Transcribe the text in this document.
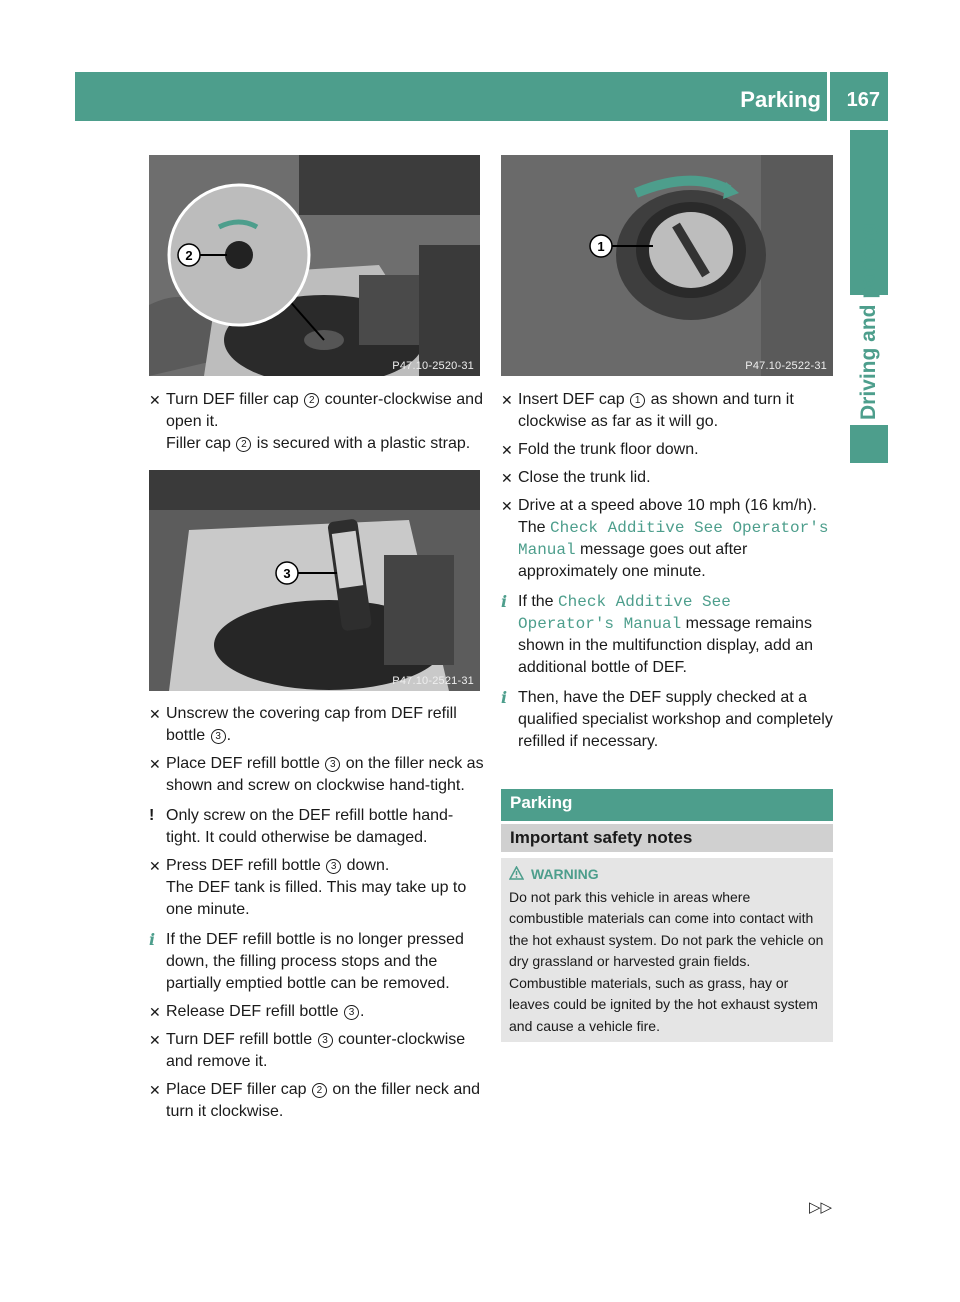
Parking 167
Driving and parking
2
P47.10-2520-31
3
P47.10-2521-31
1
P47.10-2522-31
✕ Turn DEF filler cap 2 counter-clockwise and open it.
Filler cap 2 is secured with a plastic strap.
✕ Unscrew the covering cap from DEF refill bottle 3 .
✕ Place DEF refill bottle 3 on the filler neck as shown and screw on clockwise hand-tight.
! Only screw on the DEF refill bottle hand-tight. It could otherwise be damaged.
✕ Press DEF refill bottle 3 down.
The DEF tank is filled. This may take up to one minute.
i If the DEF refill bottle is no longer pressed down, the filling process stops and the partially emptied bottle can be removed.
✕ Release DEF refill bottle 3 .
✕ Turn DEF refill bottle 3 counter-clockwise and remove it.
✕ Place DEF filler cap 2 on the filler neck and turn it clockwise.
✕ Insert DEF cap 1 as shown and turn it clockwise as far as it will go.
✕ Fold the trunk floor down.
✕ Close the trunk lid.
✕ Drive at a speed above 10 mph (16 km/h). The Check Additive See Operator's Manual message goes out after approximately one minute.
i If the Check Additive See Operator's Manual message remains shown in the multifunction display, add an additional bottle of DEF.
i Then, have the DEF supply checked at a qualified specialist workshop and completely refilled if necessary.
Parking
Important safety notes
WARNING
Do not park this vehicle in areas where combustible materials can come into contact with the hot exhaust system. Do not park the vehicle on dry grassland or harvested grain fields. Combustible materials, such as grass, hay or leaves could be ignited by the hot exhaust system and cause a vehicle fire.
▷▷
